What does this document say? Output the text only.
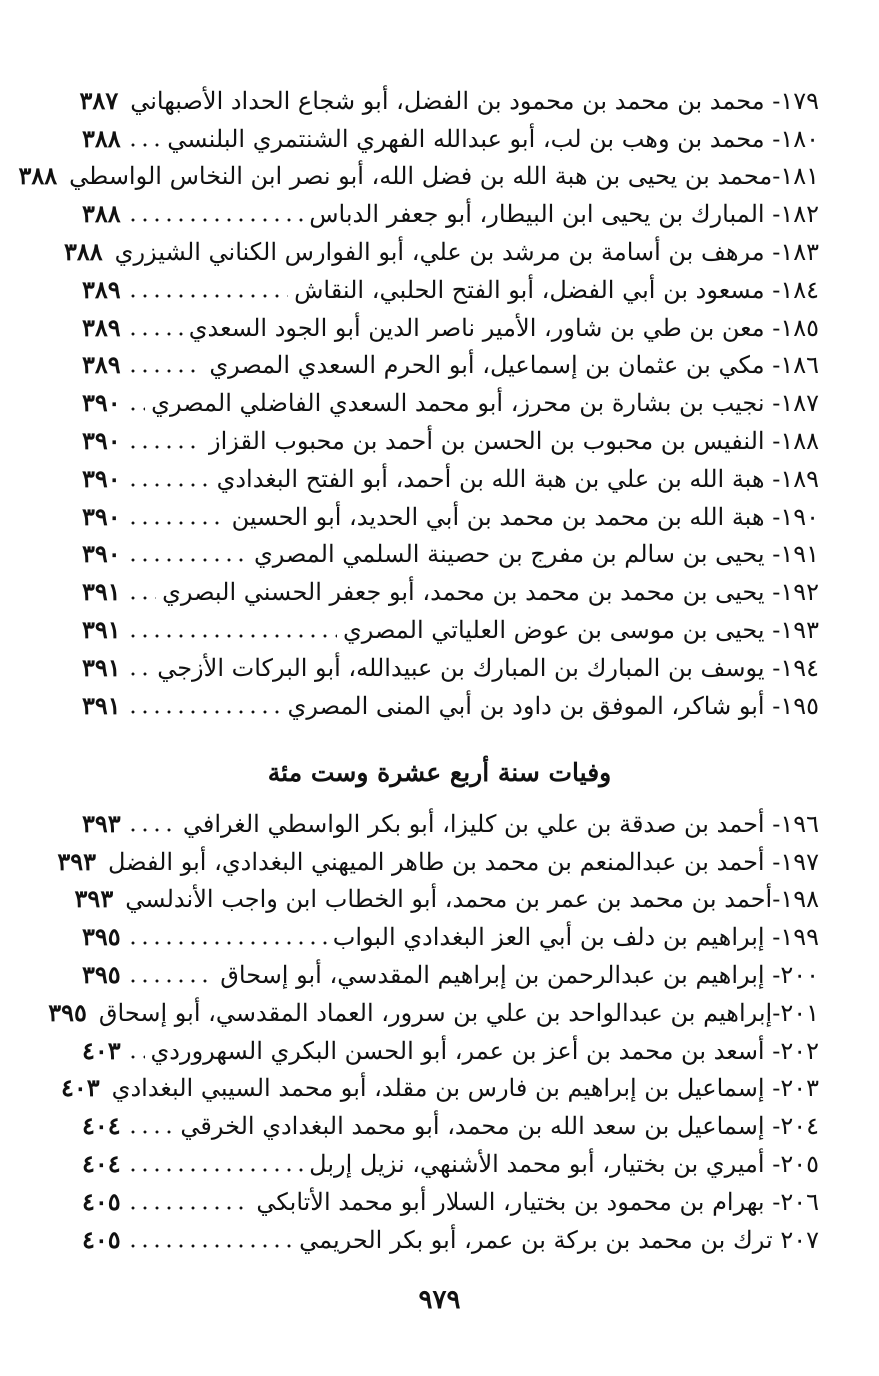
١٧٩- محمد بن محمد بن محمود بن الفضل، أبو شجاع الحداد الأصبهاني
٣٨٧
١٨٠- محمد بن وهب بن لب، أبو عبدالله الفهري الشنتمري البلنسي
٣٨٨
١٨١-محمد بن يحيى بن هبة الله بن فضل الله، أبو نصر ابن النخاس الواسطي
٣٨٨
١٨٢- المبارك بن يحيى ابن البيطار، أبو جعفر الدباس
٣٨٨
١٨٣- مرهف بن أسامة بن مرشد بن علي، أبو الفوارس الكناني الشيزري
٣٨٨
١٨٤- مسعود بن أبي الفضل، أبو الفتح الحلبي، النقاش
٣٨٩
١٨٥- معن بن طي بن شاور، الأمير ناصر الدين أبو الجود السعدي
٣٨٩
١٨٦- مكي بن عثمان بن إسماعيل، أبو الحرم السعدي المصري
٣٨٩
١٨٧- نجيب بن بشارة بن محرز، أبو محمد السعدي الفاضلي المصري
٣٩٠
١٨٨- النفيس بن محبوب بن الحسن بن أحمد بن محبوب القزاز
٣٩٠
١٨٩- هبة الله بن علي بن هبة الله بن أحمد، أبو الفتح البغدادي
٣٩٠
١٩٠- هبة الله بن محمد بن محمد بن أبي الحديد، أبو الحسين
٣٩٠
١٩١- يحيى بن سالم بن مفرج بن حصينة السلمي المصري
٣٩٠
١٩٢- يحيى بن محمد بن محمد بن محمد، أبو جعفر الحسني البصري
٣٩١
١٩٣- يحيى بن موسى بن عوض العلياتي المصري
٣٩١
١٩٤- يوسف بن المبارك بن المبارك بن عبيدالله، أبو البركات الأزجي
٣٩١
١٩٥- أبو شاكر، الموفق بن داود بن أبي المنى المصري
٣٩١
وفيات سنة أربع عشرة وست مئة
١٩٦- أحمد بن صدقة بن علي بن كليزا، أبو بكر الواسطي الغرافي
٣٩٣
١٩٧- أحمد بن عبدالمنعم بن محمد بن طاهر الميهني البغدادي، أبو الفضل
٣٩٣
١٩٨-أحمد بن محمد بن عمر بن محمد، أبو الخطاب ابن واجب الأندلسي
٣٩٣
١٩٩- إبراهيم بن دلف بن أبي العز البغدادي البواب
٣٩٥
٢٠٠- إبراهيم بن عبدالرحمن بن إبراهيم المقدسي، أبو إسحاق
٣٩٥
٢٠١-إبراهيم بن عبدالواحد بن علي بن سرور، العماد المقدسي، أبو إسحاق
٣٩٥
٢٠٢- أسعد بن محمد بن أعز بن عمر، أبو الحسن البكري السهروردي
٤٠٣
٢٠٣- إسماعيل بن إبراهيم بن فارس بن مقلد، أبو محمد السيبي البغدادي
٤٠٣
٢٠٤- إسماعيل بن سعد الله بن محمد، أبو محمد البغدادي الخرقي
٤٠٤
٢٠٥- أميري بن بختيار، أبو محمد الأشنهي، نزيل إربل
٤٠٤
٢٠٦- بهرام بن محمود بن بختيار، السلار أبو محمد الأتابكي
٤٠٥
٢٠٧ ترك بن محمد بن بركة بن عمر، أبو بكر الحريمي
٤٠٥
٩٧٩
